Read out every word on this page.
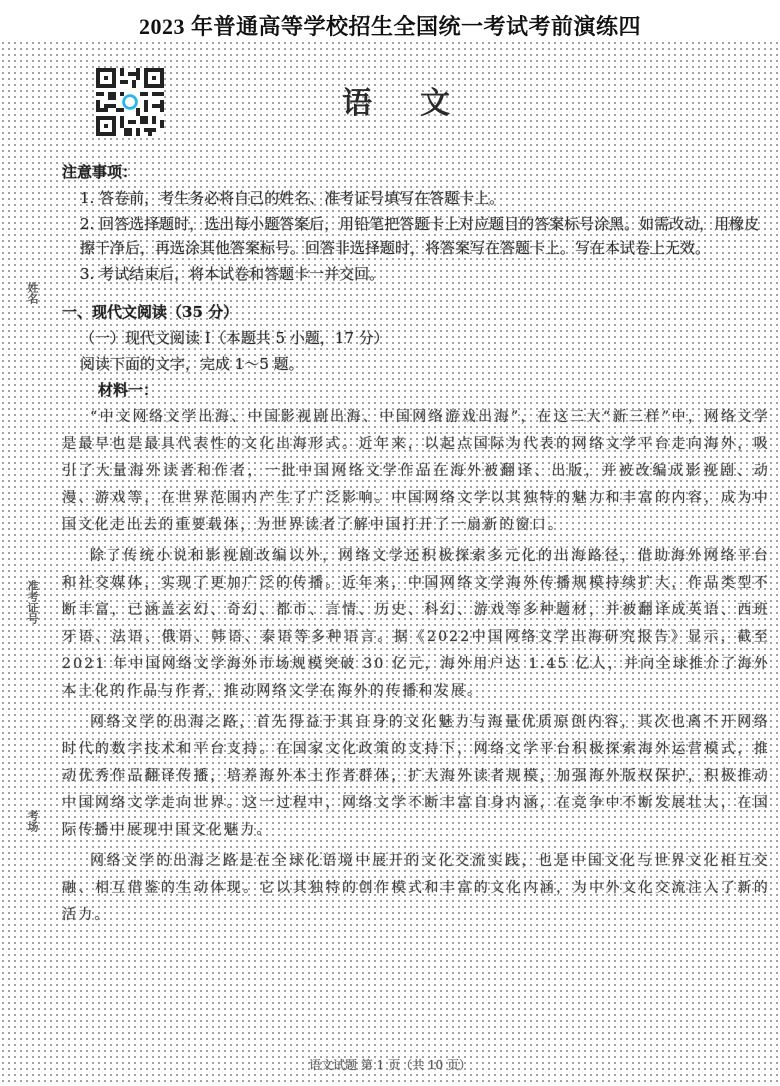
2023 年普通高等学校招生全国统一考试考前演练四
语文
姓名
准考证号
考场

注意事项：

1. 答卷前，考生务必将自己的姓名、准考证号填写在答题卡上。

2. 回答选择题时，选出每小题答案后，用铅笔把答题卡上对应题目的答案标号涂黑。如需改动，用橡皮擦干净后，再选涂其他答案标号。回答非选择题时，将答案写在答题卡上。写在本试卷上无效。

3. 考试结束后，将本试卷和答题卡一并交回。

一、现代文阅读（35 分）

（一）现代文阅读 I（本题共 5 小题，17 分）

阅读下面的文字，完成 1～5 题。

材料一：

“中文网络文学出海、中国影视剧出海、中国网络游戏出海”，在这三大“新三样”中，网络文学是最早也是最具代表性的文化出海形式。近年来，以起点国际为代表的网络文学平台走向海外，吸引了大量海外读者和作者，一批中国网络文学作品在海外被翻译、出版，并被改编成影视剧、动漫、游戏等，在世界范围内产生了广泛影响。中国网络文学以其独特的魅力和丰富的内容，成为中国文化走出去的重要载体，为世界读者了解中国打开了一扇新的窗口。

除了传统小说和影视剧改编以外，网络文学还积极探索多元化的出海路径，借助海外网络平台和社交媒体，实现了更加广泛的传播。近年来，中国网络文学海外传播规模持续扩大，作品类型不断丰富，已涵盖玄幻、奇幻、都市、言情、历史、科幻、游戏等多种题材，并被翻译成英语、西班牙语、法语、俄语、韩语、泰语等多种语言。据《2022中国网络文学出海研究报告》显示，截至 2021 年中国网络文学海外市场规模突破 30 亿元，海外用户达 1.45 亿人，并向全球推介了海外本土化的作品与作者，推动网络文学在海外的传播和发展。

网络文学的出海之路，首先得益于其自身的文化魅力与海量优质原创内容，其次也离不开网络时代的数字技术和平台支持。在国家文化政策的支持下，网络文学平台积极探索海外运营模式，推动优秀作品翻译传播，培养海外本土作者群体，扩大海外读者规模，加强海外版权保护，积极推动中国网络文学走向世界。这一过程中，网络文学不断丰富自身内涵，在竞争中不断发展壮大，在国际传播中展现中国文化魅力。

网络文学的出海之路是在全球化语境中展开的文化交流实践，也是中国文化与世界文化相互交融、相互借鉴的生动体现。它以其独特的创作模式和丰富的文化内涵，为中外文化交流注入了新的活力。

语文试题 第 1 页（共 10 页）
